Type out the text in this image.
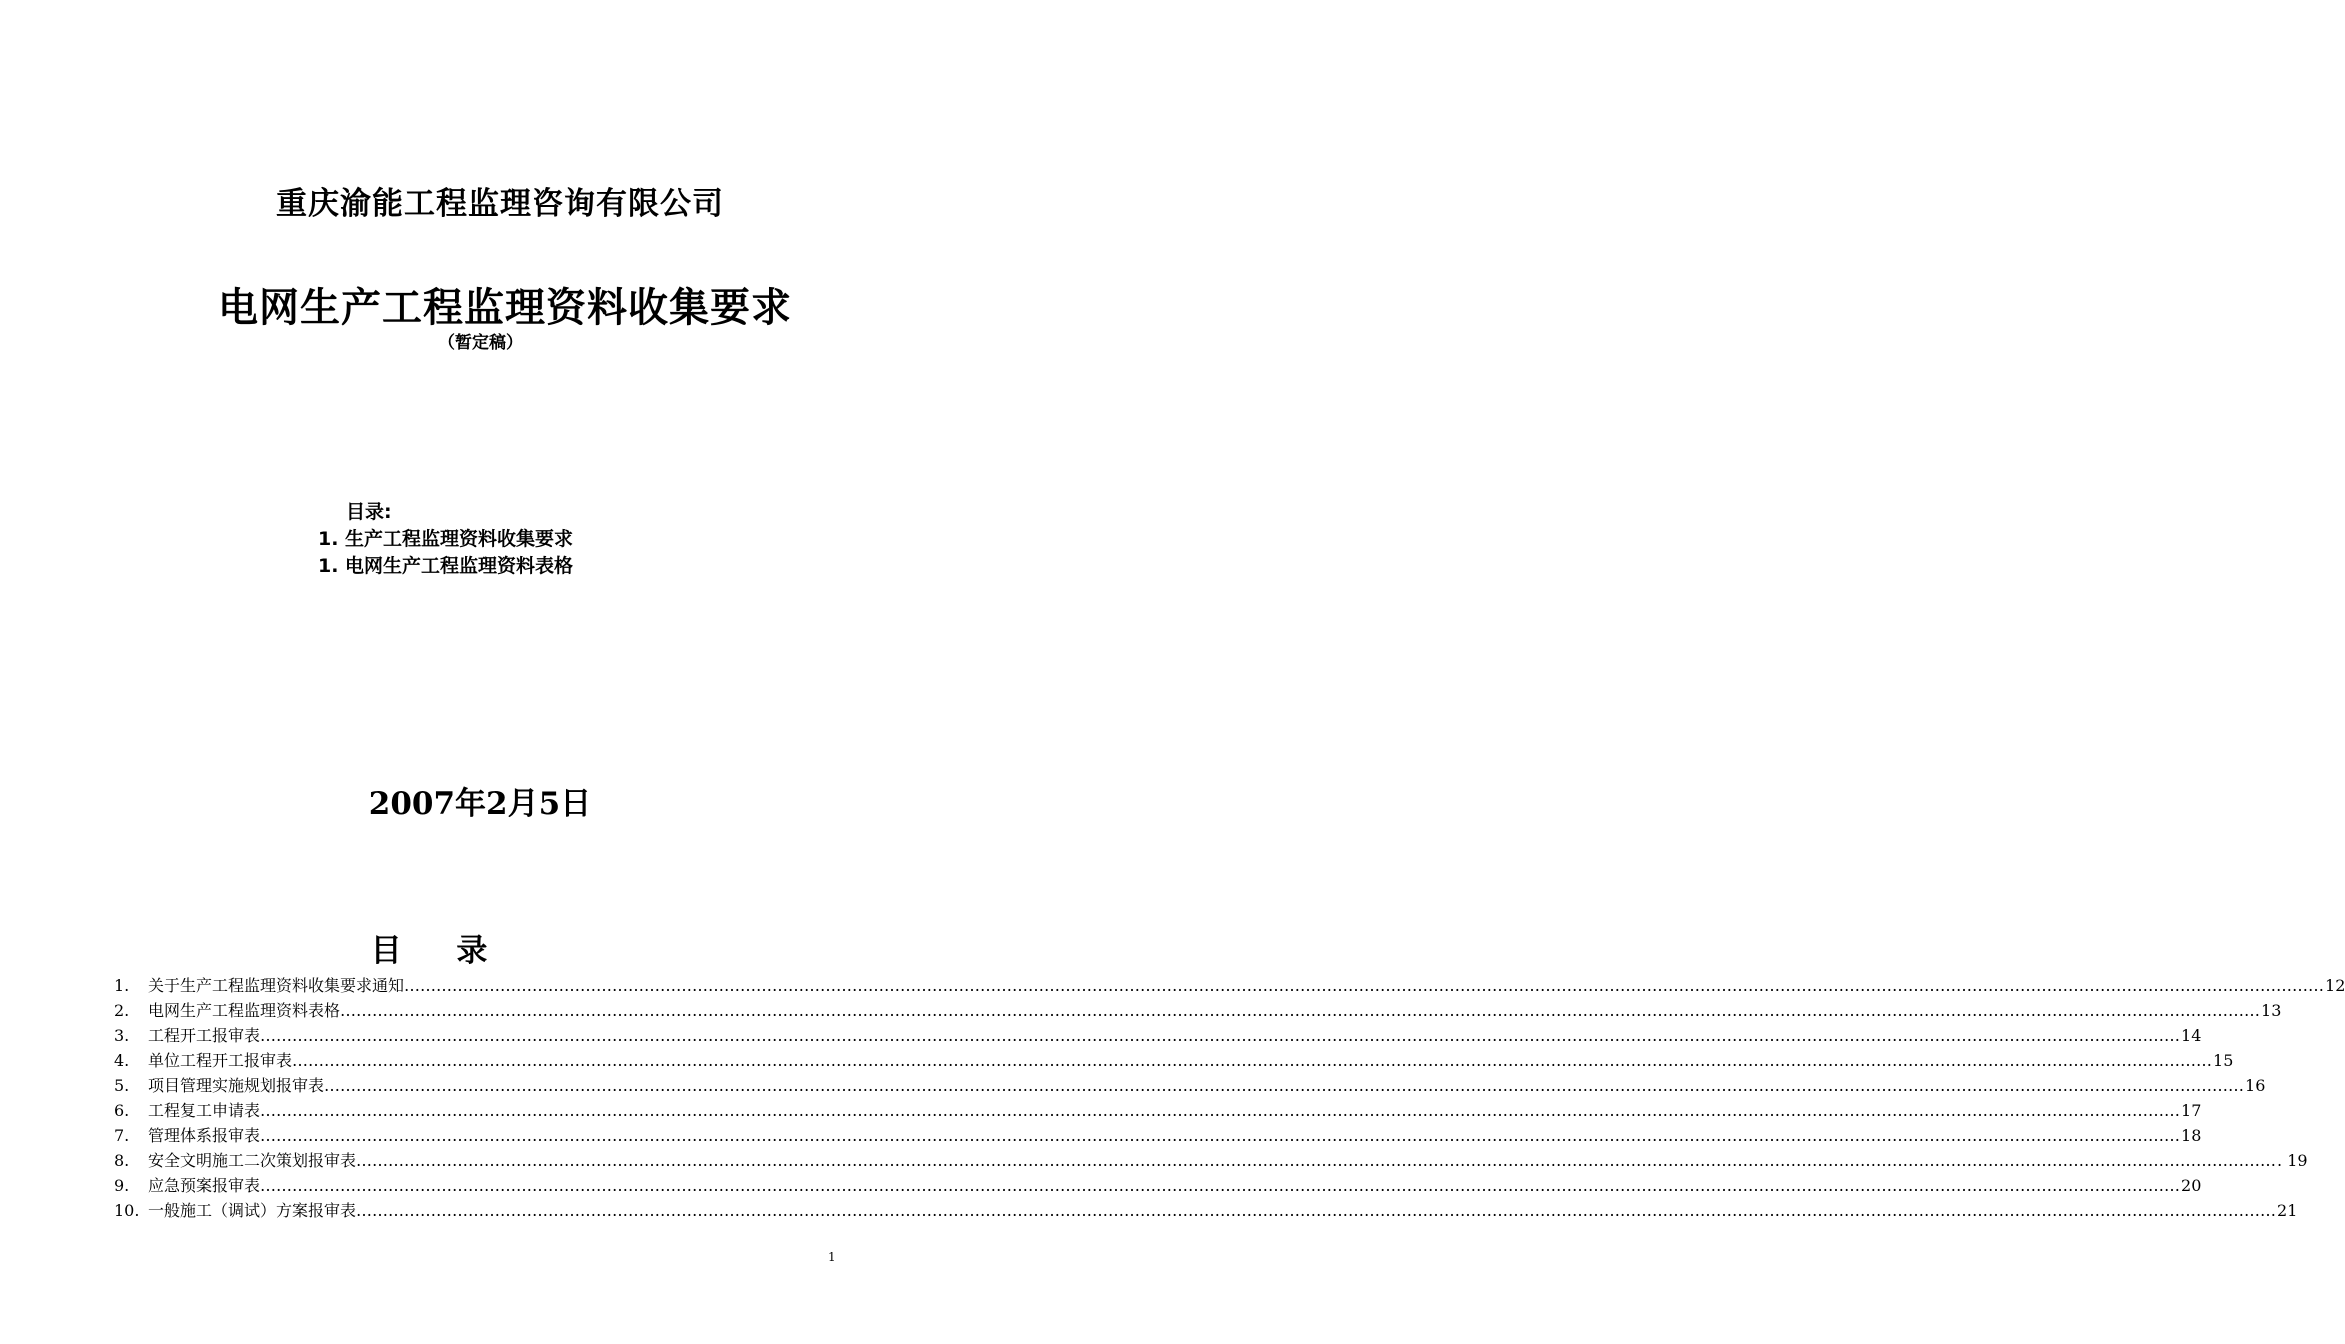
重庆渝能工程监理咨询有限公司
电网生产工程监理资料收集要求
（暂定稿）
目录:
1. 生产工程监理资料收集要求
1. 电网生产工程监理资料表格
2007年2月5日
目 录
1.	关于生产工程监理资料收集要求通知 ……………………………………………………………………………………………………………………………………………………………………………………………………………………………………………………………………………………………………………………………… 12
2.	电网生产工程监理资料表格 ……………………………………………………………………………………………………………………………………………………………………………………………………………………………………………………………………………………………………………………………… 13
3.	工程开工报审表 ……………………………………………………………………………………………………………………………………………………………………………………………………………………………………………………………………………………………………………………………… 14
4.	单位工程开工报审表 ……………………………………………………………………………………………………………………………………………………………………………………………………………………………………………………………………………………………………………………………… 15
5.	项目管理实施规划报审表 ……………………………………………………………………………………………………………………………………………………………………………………………………………………………………………………………………………………………………………………………… 16
6.	工程复工申请表 ……………………………………………………………………………………………………………………………………………………………………………………………………………………………………………………………………………………………………………………………… 17
7.	管理体系报审表 ……………………………………………………………………………………………………………………………………………………………………………………………………………………………………………………………………………………………………………………………… 18
8.	安全文明施工二次策划报审表 ……………………………………………………………………………………………………………………………………………………………………………………………………………………………………………………………………………………………………………………………… . 19
9.	应急预案报审表 ……………………………………………………………………………………………………………………………………………………………………………………………………………………………………………………………………………………………………………………………… 20
10. 一般施工（调试）方案报审表 ……………………………………………………………………………………………………………………………………………………………………………………………………………………………………………………………………………………………………………………………… 21
1
